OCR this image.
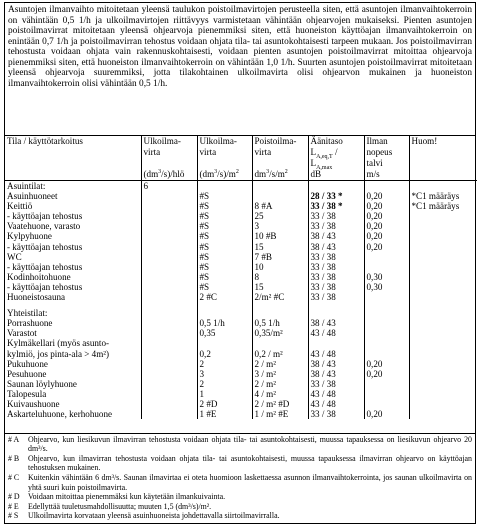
Asuntojen ilmanvaihto mitoitetaan yleensä taulukon poistoilmavirtojen perusteella siten, että asuntojen ilmanvaihtokerroin on vähintään 0,5 1/h ja ulkoilmavirtojen riittävyys varmistetaan vähintään ohjearvojen mukaiseksi. Pienten asuntojen poistoilmavirrat mitoitetaan yleensä ohjearvoja pienemmiksi siten, että huoneiston käyttöajan ilmanvaihtokerroin on enintään 0,7 1/h ja poistoilmavirran tehostus voidaan ohjata tila- tai asuntokohtaisesti tarpeen mukaan. Jos poistoilmavirran tehostusta voidaan ohjata vain rakennuskohtaisesti, voidaan pienten asuntojen poistoilmavirrat mitoittaa ohjearvoja pienemmiksi siten, että huoneiston ilmanvaihtokerroin on vähintään 1,0 1/h. Suurten asuntojen poistoilmavirrat mitoitetaan yleensä ohjearvoja suuremmiksi, jotta tilakohtainen ulkoilmavirta olisi ohjearvon mukainen ja huoneiston ilmanvaihtokerroin olisi vähintään 0,5 1/h.

Tila / käyttötarkoitus	Ulkoilma-	Ulkoilma-	Poistoilma-	Äänitaso	Ilman	Huom!
	virta	virta	virta	$L_{A,eq,T}$ /	nopeus	
				$L_{A,max}$	talvi	
	$(dm^3/s)$/hlö	$(dm^3/s)/m^2$	$dm^3/s/m^2$	dB	m/s	
Asuintilat:	6					
Asuinhuoneet		#S		28 / 33 *	0,20	*C1 määräys
Keittiö		#S	8 #A	33 / 38 *	0,20	*C1 määräys
- käyttöajan tehostus		#S	25	33 / 38	0,20	
Vaatehuone, varasto		#S	3	33 / 38	0,20	
Kylpyhuone		#S	10 #B	38 / 43	0,20	
- käyttöajan tehostus		#S	15	38 / 43	0,20	
WC		#S	7 #B	33 / 38		
- käyttöajan tehostus		#S	10	33 / 38		
Kodinhoitohuone		#S	8	33 / 38	0,30	
- käyttöajan tehostus		#S	15	33 / 38	0,30	
Huoneistosauna		2 #C	2/m² #C	33 / 38		

Yhteistilat:						
Porrashuone		0,5 1/h	0,5 1/h	38 / 43		
Varastot		0,35	0,35/m²	43 / 48		
Kylmäkellari (myös asunto-						
kylmiö, jos pinta-ala > 4m²)		0,2	0,2 / m²	43 / 48		
Pukuhuone		2	2 / m²	38 / 43	0,20	
Pesuhuone		3	3 / m²	38 / 43	0,20	
Saunan löylyhuone		2	2 / m²	33 / 38		
Talopesula		1	4 / m²	43 / 48		
Kuivaushuone		2 #D	2 / m² #D	43 / 48		
Askarteluhuone, kerhohuone		1 #E	1 / m² #E	33 / 38	0,20	
# A	Ohjearvo, kun liesikuvun ilmavirran tehostusta voidaan ohjata tila- tai asuntokohtaisesti, muussa tapauksessa on liesikuvun ohjearvo 20 dm³/s.
# B	Ohjearvo, kun ilmavirran tehostusta voidaan ohjata tila- tai asuntokohtaisesti, muussa tapauksessa ilmavirran ohjearvo on käyttöajan tehostuksen mukainen.
# C	Kuitenkin vähintään 6 dm³/s. Saunan ilmavirtaa ei oteta huomioon laskettaessa asunnon ilmanvaihtokerrointa, jos saunan ulkoilmavirta on yhtä suuri kuin poistoilmavirta.
# D	Voidaan mitoittaa pienemmäksi kun käytetään ilmankuivainta.
# E	Edellyttää tuuletusmahdollisuutta; muuten 1,5 (dm³/s)/m².
# S	Ulkoilmavirta korvataan yleensä asuinhuoneista johdettavalla siirtoilmavirralla.
